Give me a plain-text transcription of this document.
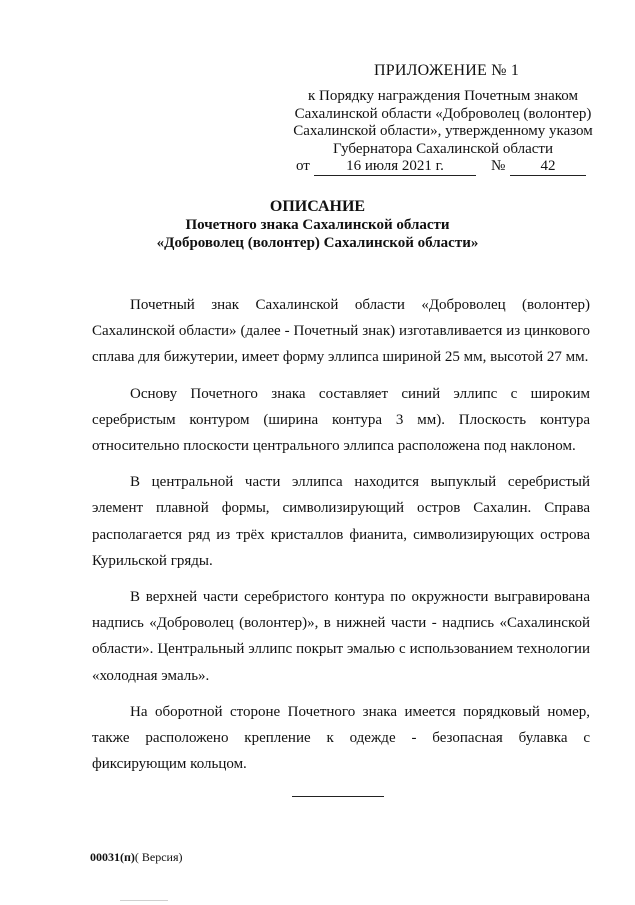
ПРИЛОЖЕНИЕ № 1
к Порядку награждения Почетным знаком
Сахалинской области «Доброволец (волонтер)
Сахалинской области», утвержденному указом
Губернатора Сахалинской области
от	16 июля 2021 г.	№	42
ОПИСАНИЕ
Почетного знака Сахалинской области
«Доброволец (волонтер) Сахалинской области»

Почетный знак Сахалинской области «Доброволец (волонтер) Сахалинской области» (далее - Почетный знак) изготавливается из цинкового сплава для бижутерии, имеет форму эллипса шириной 25 мм, высотой 27 мм.

Основу Почетного знака составляет синий эллипс с широким серебристым контуром (ширина контура 3 мм). Плоскость контура относительно плоскости центрального эллипса расположена под наклоном.

В центральной части эллипса находится выпуклый серебристый элемент плавной формы, символизирующий остров Сахалин. Справа располагается ряд из трёх кристаллов фианита, символизирующих острова Курильской гряды.

В верхней части серебристого контура по окружности выгравирована надпись «Доброволец (волонтер)», в нижней части - надпись «Сахалинской области». Центральный эллипс покрыт эмалью с использованием технологии «холодная эмаль».

На оборотной стороне Почетного знака имеется порядковый номер, также расположено крепление к одежде - безопасная булавка с фиксирующим кольцом.

00031(п)( Версия)
